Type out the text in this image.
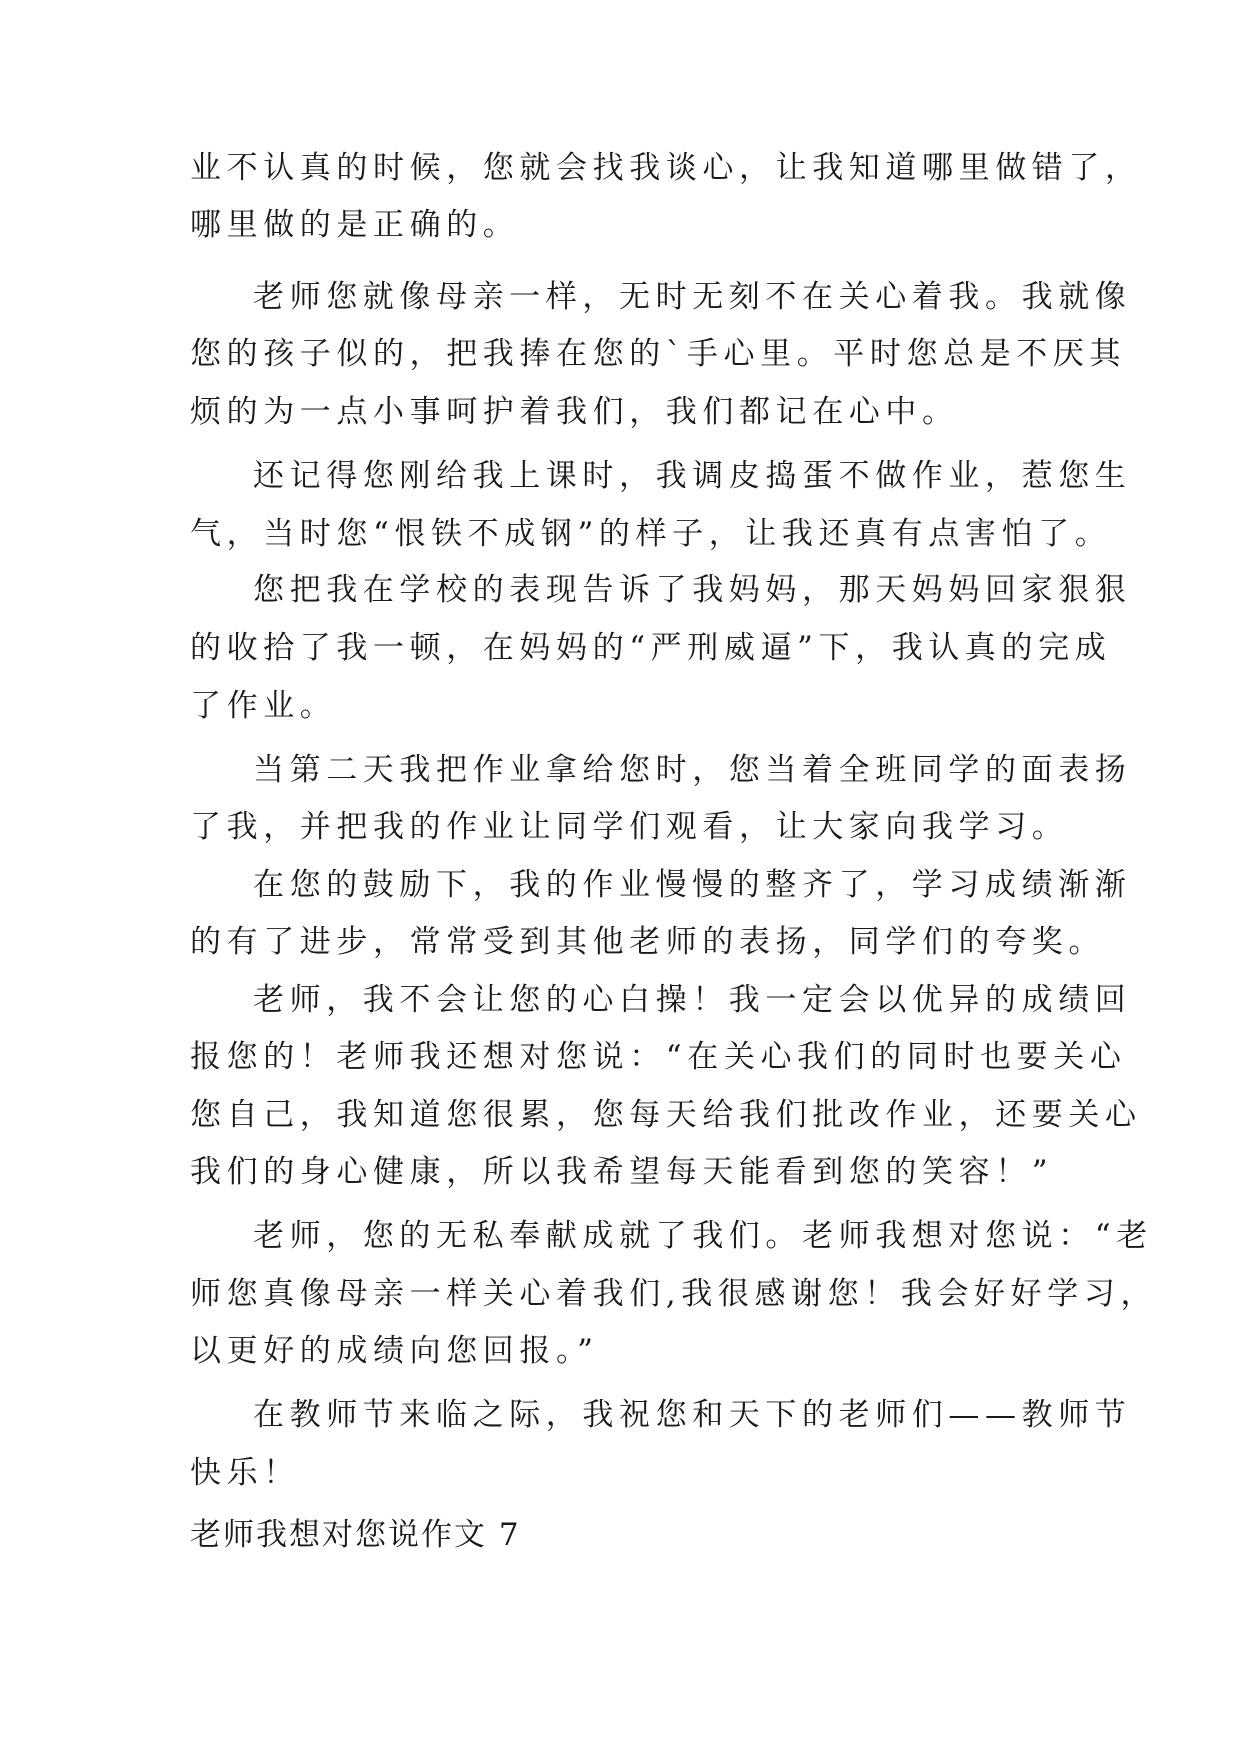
业不认真的时候，您就会找我谈心，让我知道哪里做错了，
哪里做的是正确的。
老师您就像母亲一样，无时无刻不在关心着我。我就像
您的孩子似的，把我捧在您的`手心里。平时您总是不厌其
烦的为一点小事呵护着我们，我们都记在心中。
还记得您刚给我上课时，我调皮捣蛋不做作业，惹您生
气，当时您“恨铁不成钢”的样子，让我还真有点害怕了。
您把我在学校的表现告诉了我妈妈，那天妈妈回家狠狠
的收拾了我一顿，在妈妈的“严刑威逼”下，我认真的完成
了作业。
当第二天我把作业拿给您时，您当着全班同学的面表扬
了我，并把我的作业让同学们观看，让大家向我学习。
在您的鼓励下，我的作业慢慢的整齐了，学习成绩渐渐
的有了进步，常常受到其他老师的表扬，同学们的夸奖。
老师，我不会让您的心白操！我一定会以优异的成绩回
报您的！老师我还想对您说：“在关心我们的同时也要关心
您自己，我知道您很累，您每天给我们批改作业，还要关心
我们的身心健康，所以我希望每天能看到您的笑容！”
老师，您的无私奉献成就了我们。老师我想对您说：“老
师您真像母亲一样关心着我们,我很感谢您！我会好好学习，
以更好的成绩向您回报。”
在教师节来临之际，我祝您和天下的老师们——教师节
快乐！
老师我想对您说作文 7
